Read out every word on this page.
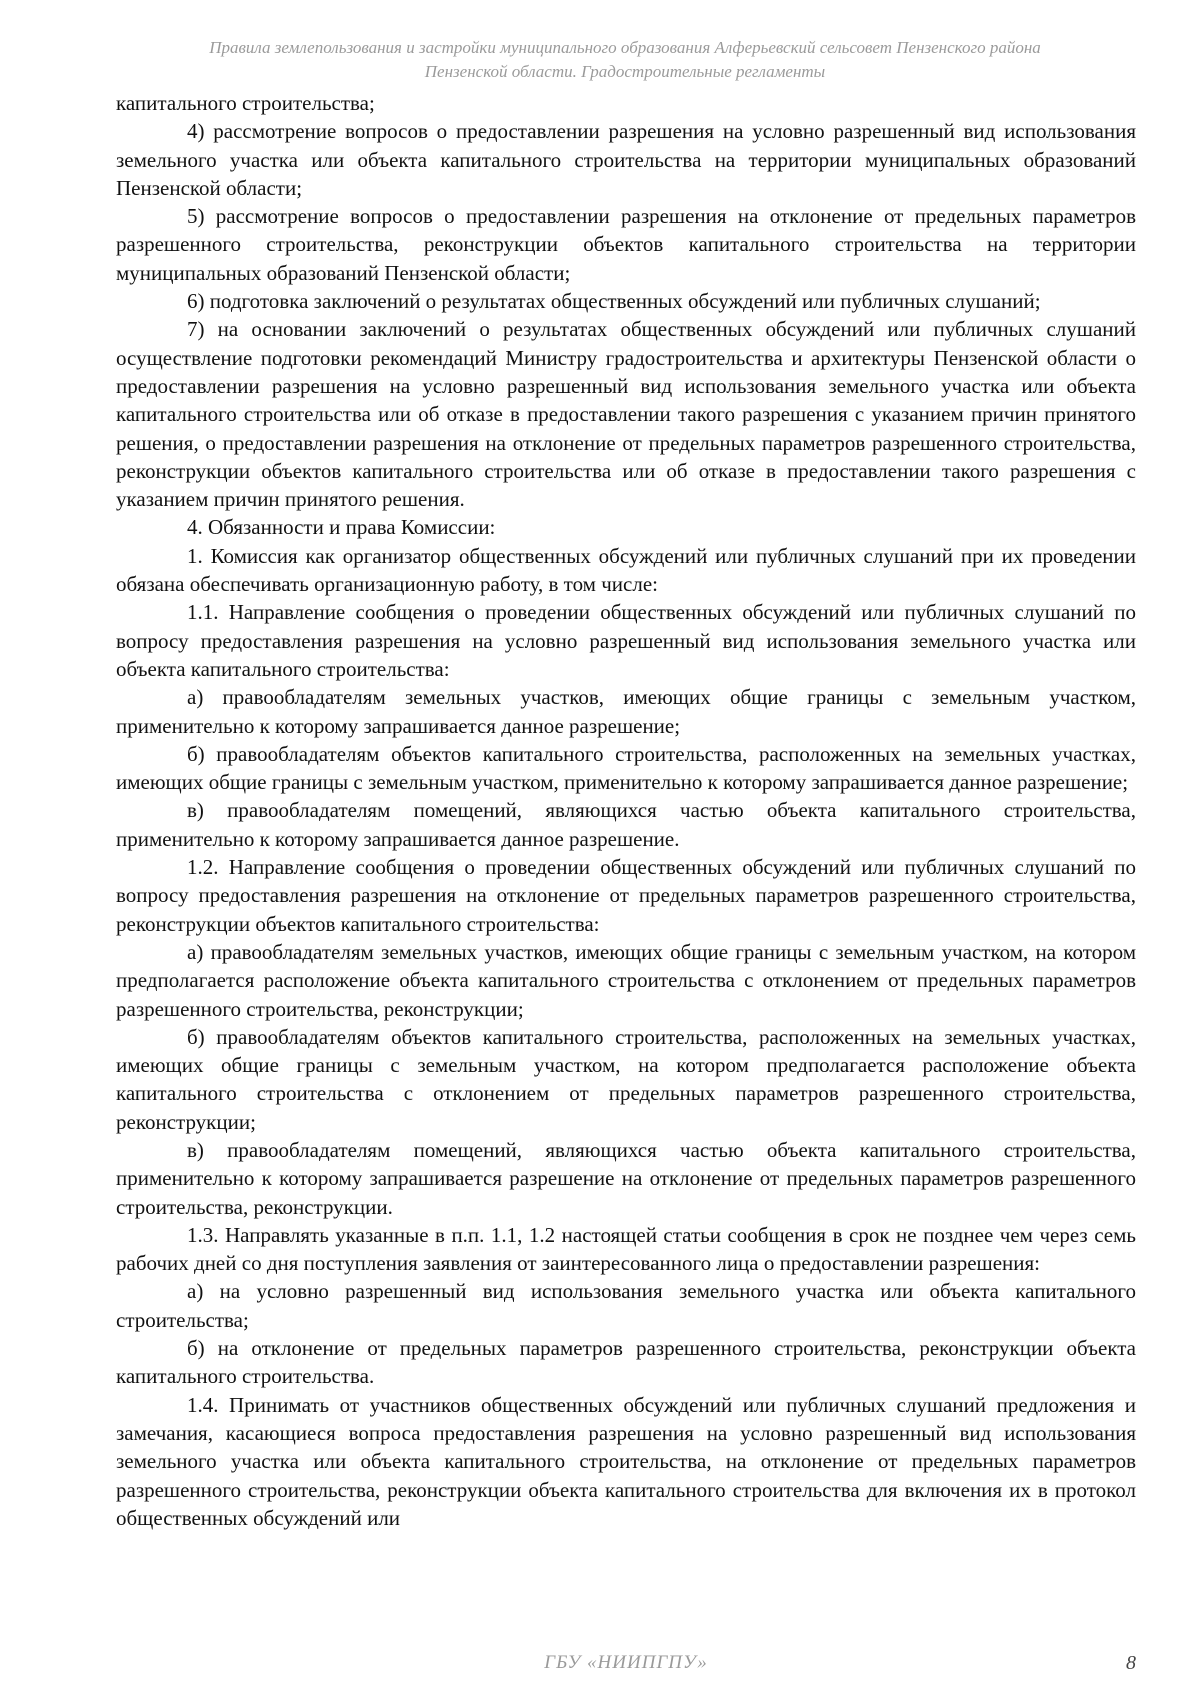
Правила землепользования и застройки муниципального образования Алферьевский сельсовет Пензенского района
Пензенской области. Градостроительные регламенты

капитального строительства;

4) рассмотрение вопросов о предоставлении разрешения на условно разрешенный вид использования земельного участка или объекта капитального строительства на территории муниципальных образований Пензенской области;

5) рассмотрение вопросов о предоставлении разрешения на отклонение от предельных параметров разрешенного строительства, реконструкции объектов капитального строительства на территории муниципальных образований Пензенской области;

6) подготовка заключений о результатах общественных обсуждений или публичных слушаний;

7) на основании заключений о результатах общественных обсуждений или публичных слушаний осуществление подготовки рекомендаций Министру градостроительства и архитектуры Пензенской области о предоставлении разрешения на условно разрешенный вид использования земельного участка или объекта капитального строительства или об отказе в предоставлении такого разрешения с указанием причин принятого решения, о предоставлении разрешения на отклонение от предельных параметров разрешенного строительства, реконструкции объектов капитального строительства или об отказе в предоставлении такого разрешения с указанием причин принятого решения.

4. Обязанности и права Комиссии:

1. Комиссия как организатор общественных обсуждений или публичных слушаний при их проведении обязана обеспечивать организационную работу, в том числе:

1.1. Направление сообщения о проведении общественных обсуждений или публичных слушаний по вопросу предоставления разрешения на условно разрешенный вид использования земельного участка или объекта капитального строительства:

а) правообладателям земельных участков, имеющих общие границы с земельным участком, применительно к которому запрашивается данное разрешение;

б) правообладателям объектов капитального строительства, расположенных на земельных участках, имеющих общие границы с земельным участком, применительно к которому запрашивается данное разрешение;

в) правообладателям помещений, являющихся частью объекта капитального строительства, применительно к которому запрашивается данное разрешение.

1.2. Направление сообщения о проведении общественных обсуждений или публичных слушаний по вопросу предоставления разрешения на отклонение от предельных параметров разрешенного строительства, реконструкции объектов капитального строительства:

а) правообладателям земельных участков, имеющих общие границы с земельным участком, на котором предполагается расположение объекта капитального строительства с отклонением от предельных параметров разрешенного строительства, реконструкции;

б) правообладателям объектов капитального строительства, расположенных на земельных участках, имеющих общие границы с земельным участком, на котором предполагается расположение объекта капитального строительства с отклонением от предельных параметров разрешенного строительства, реконструкции;

в) правообладателям помещений, являющихся частью объекта капитального строительства, применительно к которому запрашивается разрешение на отклонение от предельных параметров разрешенного строительства, реконструкции.

1.3. Направлять указанные в п.п. 1.1, 1.2 настоящей статьи сообщения в срок не позднее чем через семь рабочих дней со дня поступления заявления от заинтересованного лица о предоставлении разрешения:

а) на условно разрешенный вид использования земельного участка или объекта капитального строительства;

б) на отклонение от предельных параметров разрешенного строительства, реконструкции объекта капитального строительства.

1.4. Принимать от участников общественных обсуждений или публичных слушаний предложения и замечания, касающиеся вопроса предоставления разрешения на условно разрешенный вид использования земельного участка или объекта капитального строительства, на отклонение от предельных параметров разрешенного строительства, реконструкции объекта капитального строительства для включения их в протокол общественных обсуждений или

ГБУ «НИИПГПУ»	8
